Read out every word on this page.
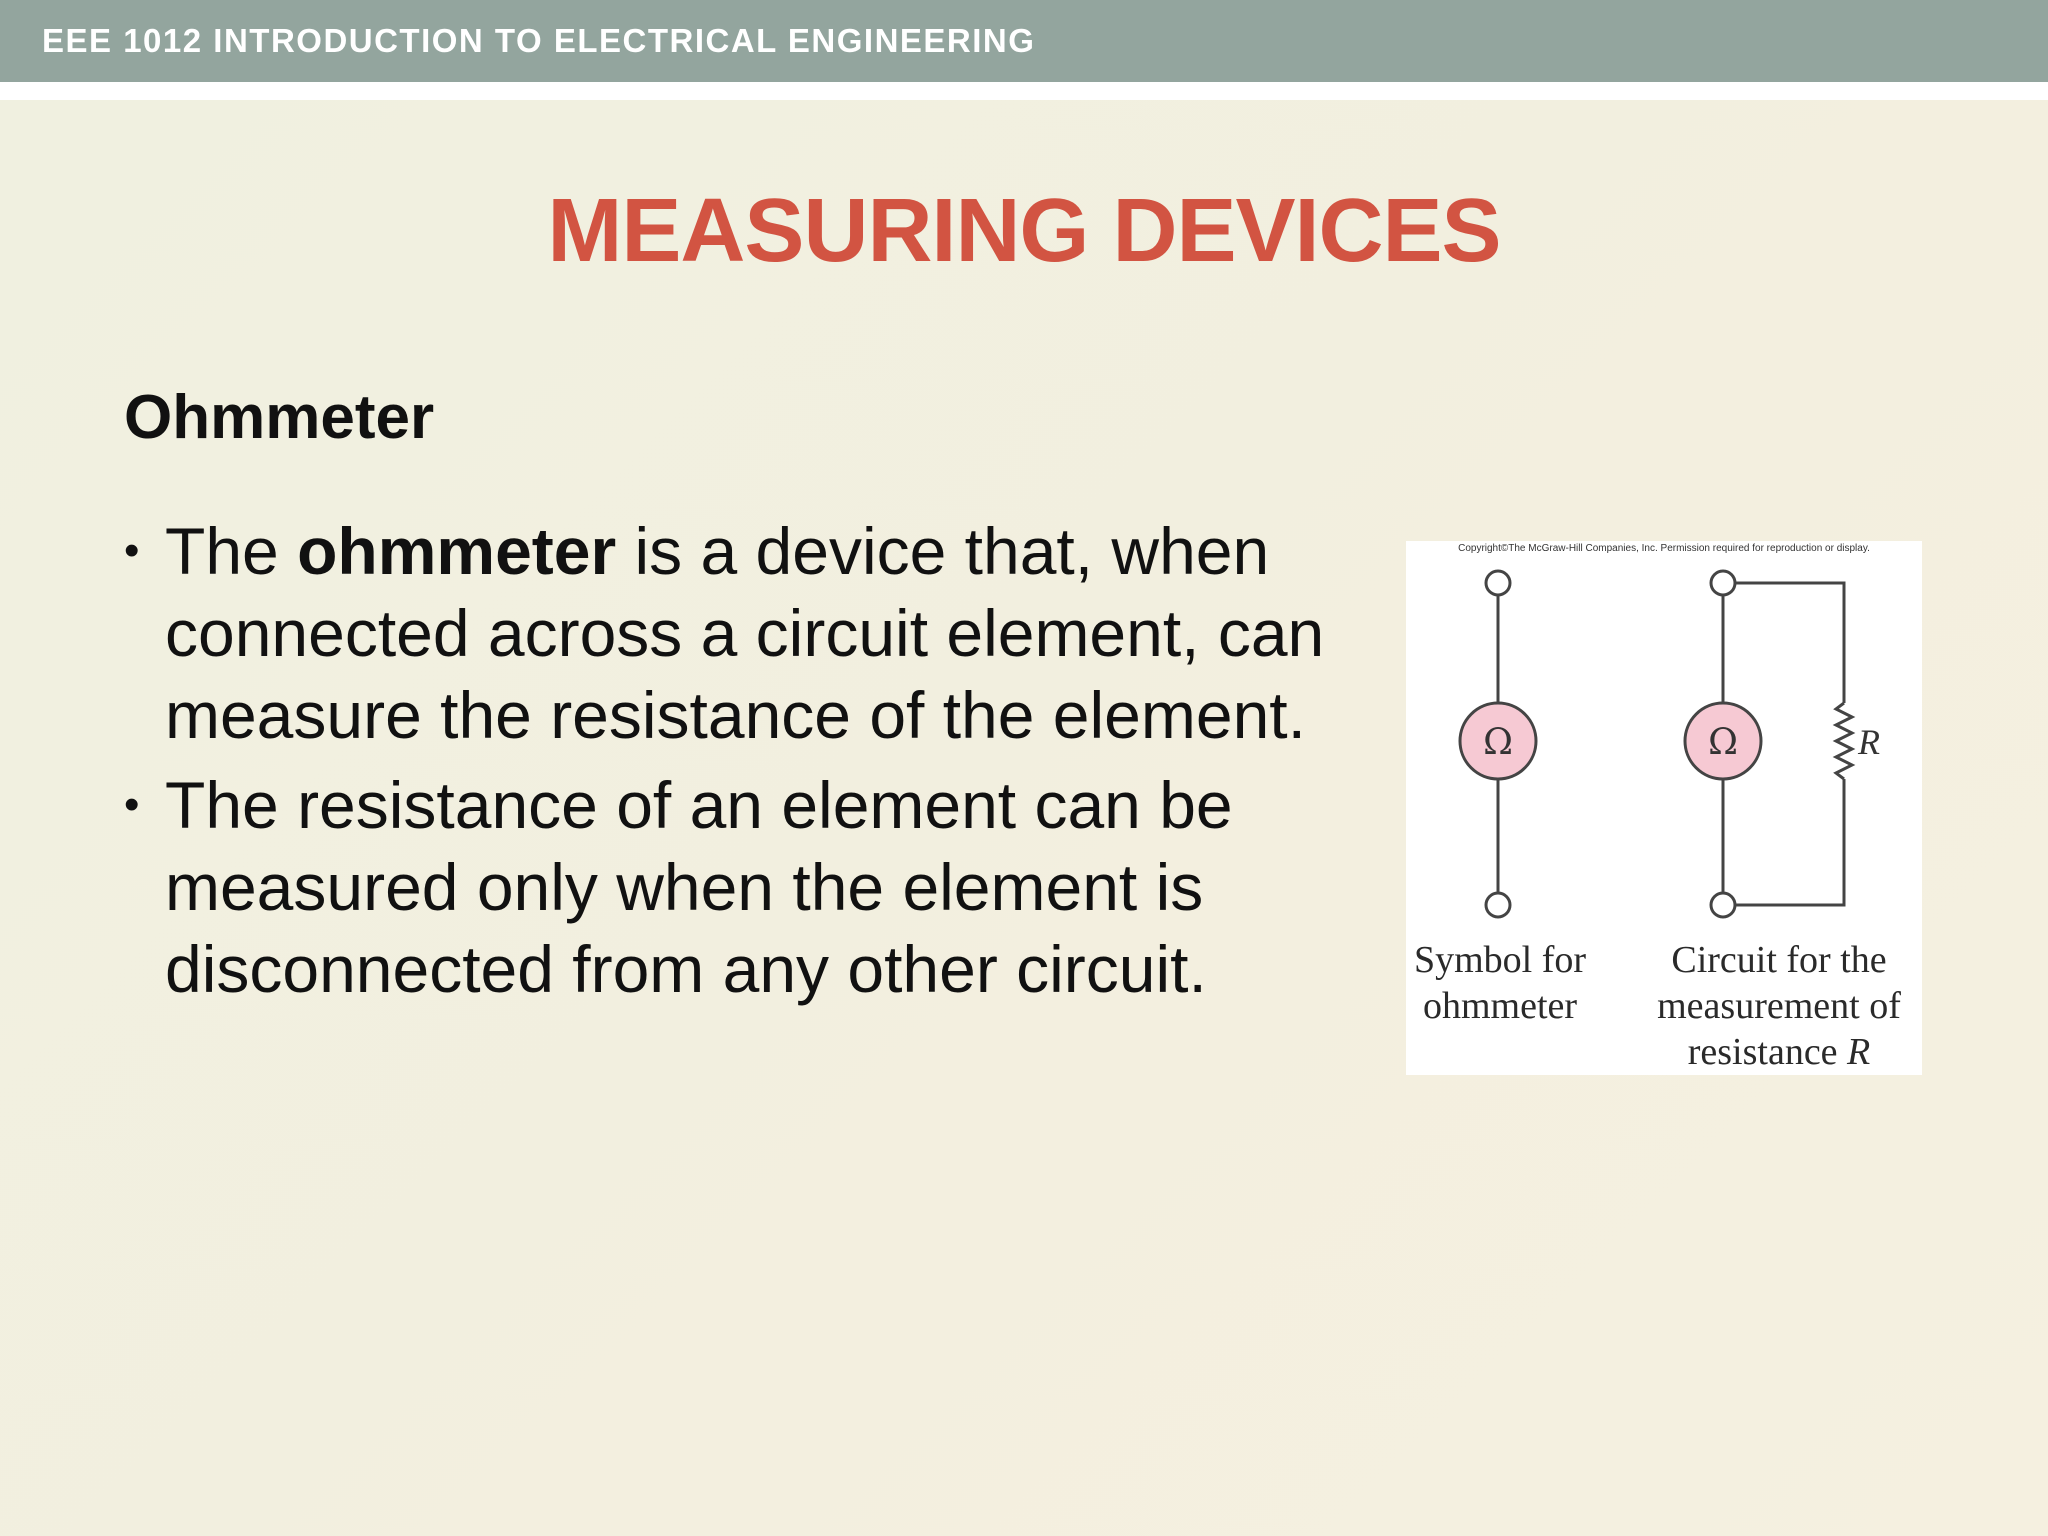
EEE 1012 INTRODUCTION TO ELECTRICAL ENGINEERING
MEASURING DEVICES
Ohmmeter
• The ohmmeter is a device that, when connected across a circuit element, can measure the resistance of the element.
• The resistance of an element can be measured only when the element is disconnected from any other circuit.
Copyright©The McGraw-Hill Companies, Inc. Permission required for reproduction or display.
Ω	Ω	R
Symbol for ohmmeter
Circuit for the measurement of resistance R
